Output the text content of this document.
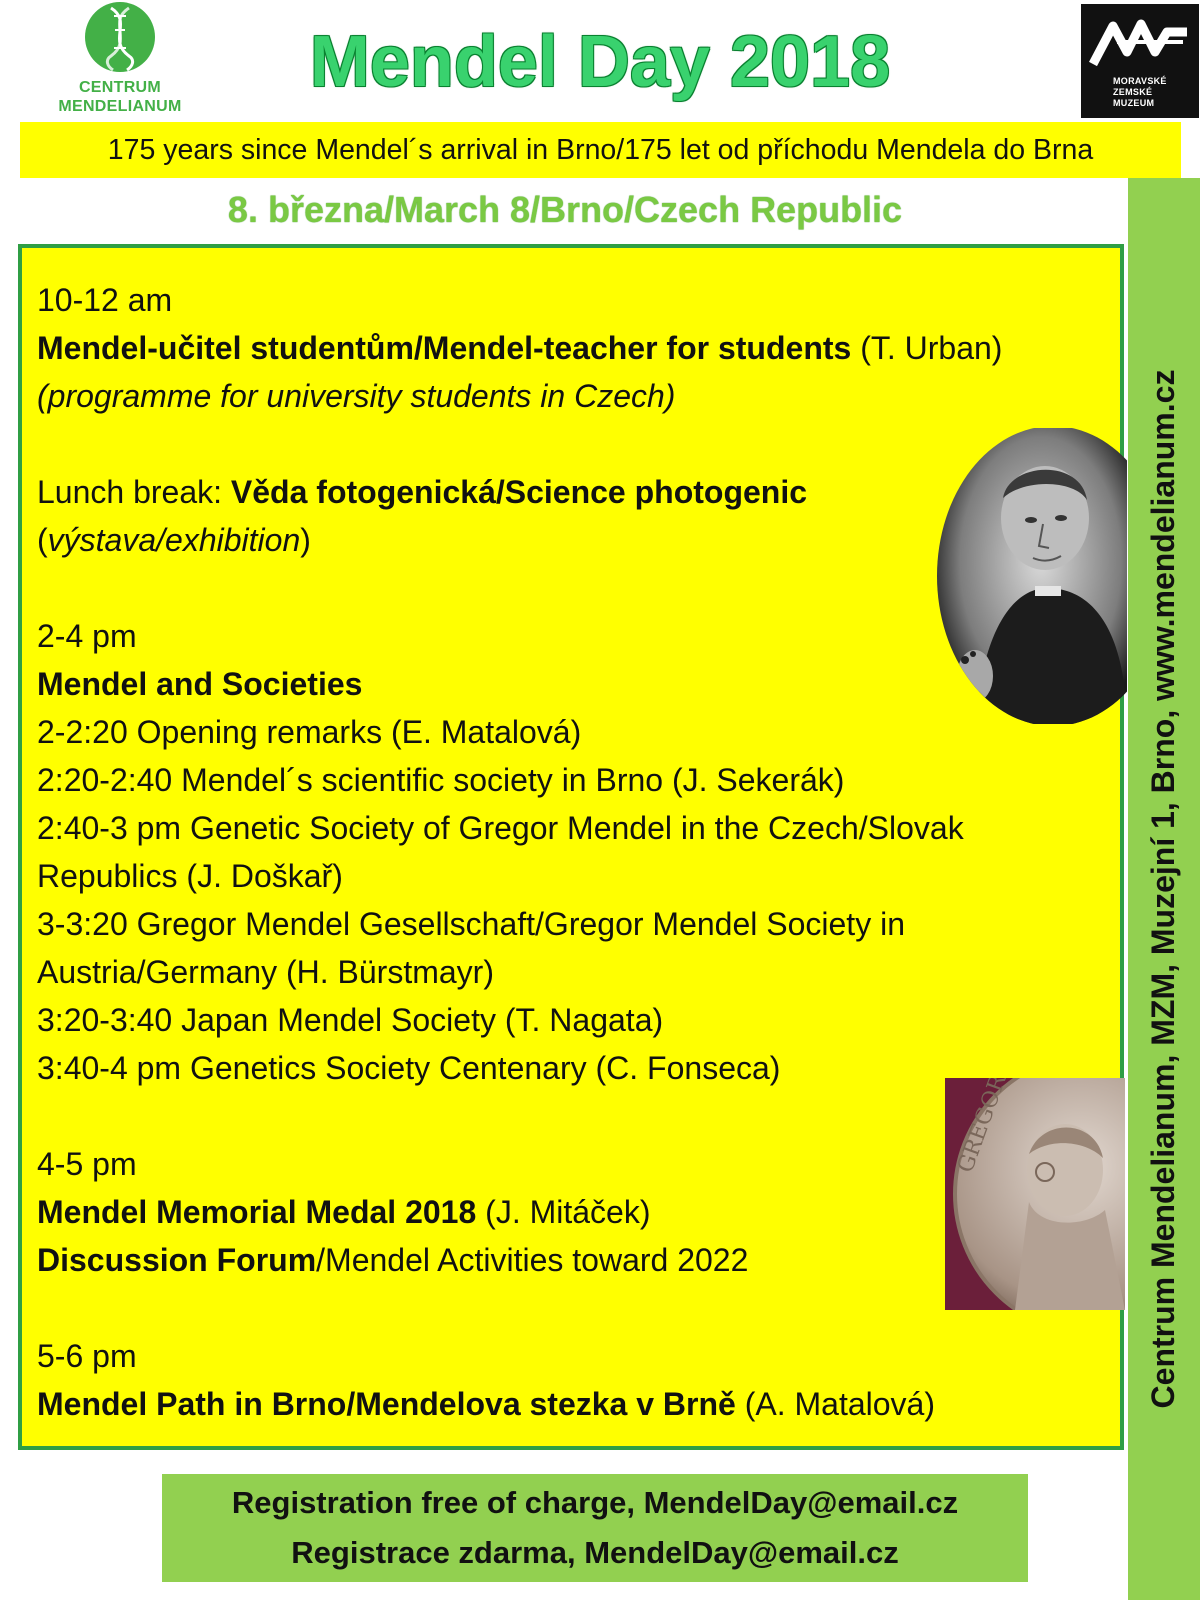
CENTRUM
MENDELIANUM
Mendel Day 2018	MORAVSKÉ
ZEMSKÉ
MUZEUM
175 years since Mendel´s arrival in Brno/175 let od příchodu Mendela do Brna
Centrum Mendelianum, MZM, Muzejní 1, Brno, www.mendelianum.cz
8. března/March 8/Brno/Czech Republic

10-12 am

Mendel-učitel studentům/Mendel-teacher for students (T. Urban)

(programme for university students in Czech)

Lunch break: Věda fotogenická/Science photogenic

(výstava/exhibition)

2-4 pm

Mendel and Societies

2-2:20 Opening remarks (E. Matalová)

2:20-2:40 Mendel´s scientific society in Brno (J. Sekerák)

2:40-3 pm Genetic Society of Gregor Mendel in the Czech/Slovak

Republics (J. Doškař)

3-3:20 Gregor Mendel Gesellschaft/Gregor Mendel Society in

Austria/Germany (H. Bürstmayr)

3:20-3:40 Japan Mendel Society (T. Nagata)

3:40-4 pm Genetics Society Centenary (C. Fonseca)

4-5 pm

Mendel Memorial Medal 2018 (J. Mitáček)

Discussion Forum/Mendel Activities toward 2022

5-6 pm

Mendel Path in Brno/Mendelova stezka v Brně (A. Matalová)

GREGOR
Registration free of charge, MendelDay@email.cz
Registrace zdarma, MendelDay@email.cz
